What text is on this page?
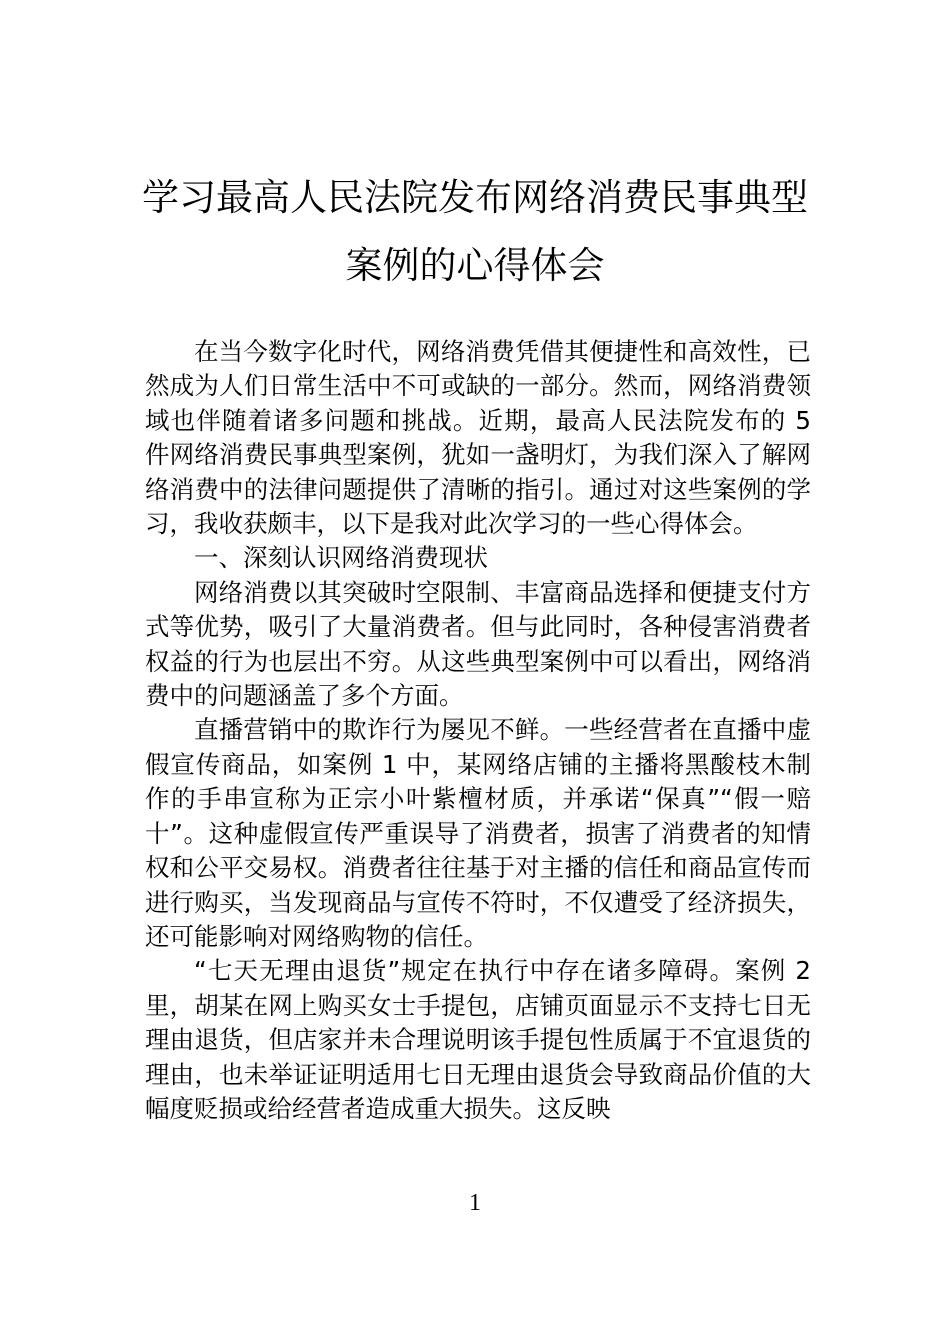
学习最高人民法院发布网络消费民事典型
案例的心得体会

在当今数字化时代，网络消费凭借其便捷性和高效性，已然成为人们日常生活中不可或缺的一部分。然而，网络消费领域也伴随着诸多问题和挑战。近期，最高人民法院发布的 5 件网络消费民事典型案例，犹如一盏明灯，为我们深入了解网络消费中的法律问题提供了清晰的指引。通过对这些案例的学习，我收获颇丰，以下是我对此次学习的一些心得体会。

一、深刻认识网络消费现状

网络消费以其突破时空限制、丰富商品选择和便捷支付方式等优势，吸引了大量消费者。但与此同时，各种侵害消费者权益的行为也层出不穷。从这些典型案例中可以看出，网络消费中的问题涵盖了多个方面。

直播营销中的欺诈行为屡见不鲜。一些经营者在直播中虚假宣传商品，如案例 1 中，某网络店铺的主播将黑酸枝木制作的手串宣称为正宗小叶紫檀材质，并承诺“保真”“假一赔十”。这种虚假宣传严重误导了消费者，损害了消费者的知情权和公平交易权。消费者往往基于对主播的信任和商品宣传而进行购买，当发现商品与宣传不符时，不仅遭受了经济损失，还可能影响对网络购物的信任。

“七天无理由退货”规定在执行中存在诸多障碍。案例 2 里，胡某在网上购买女士手提包，店铺页面显示不支持七日无理由退货，但店家并未合理说明该手提包性质属于不宜退货的理由，也未举证证明适用七日无理由退货会导致商品价值的大幅度贬损或给经营者造成重大损失。这反映

1
